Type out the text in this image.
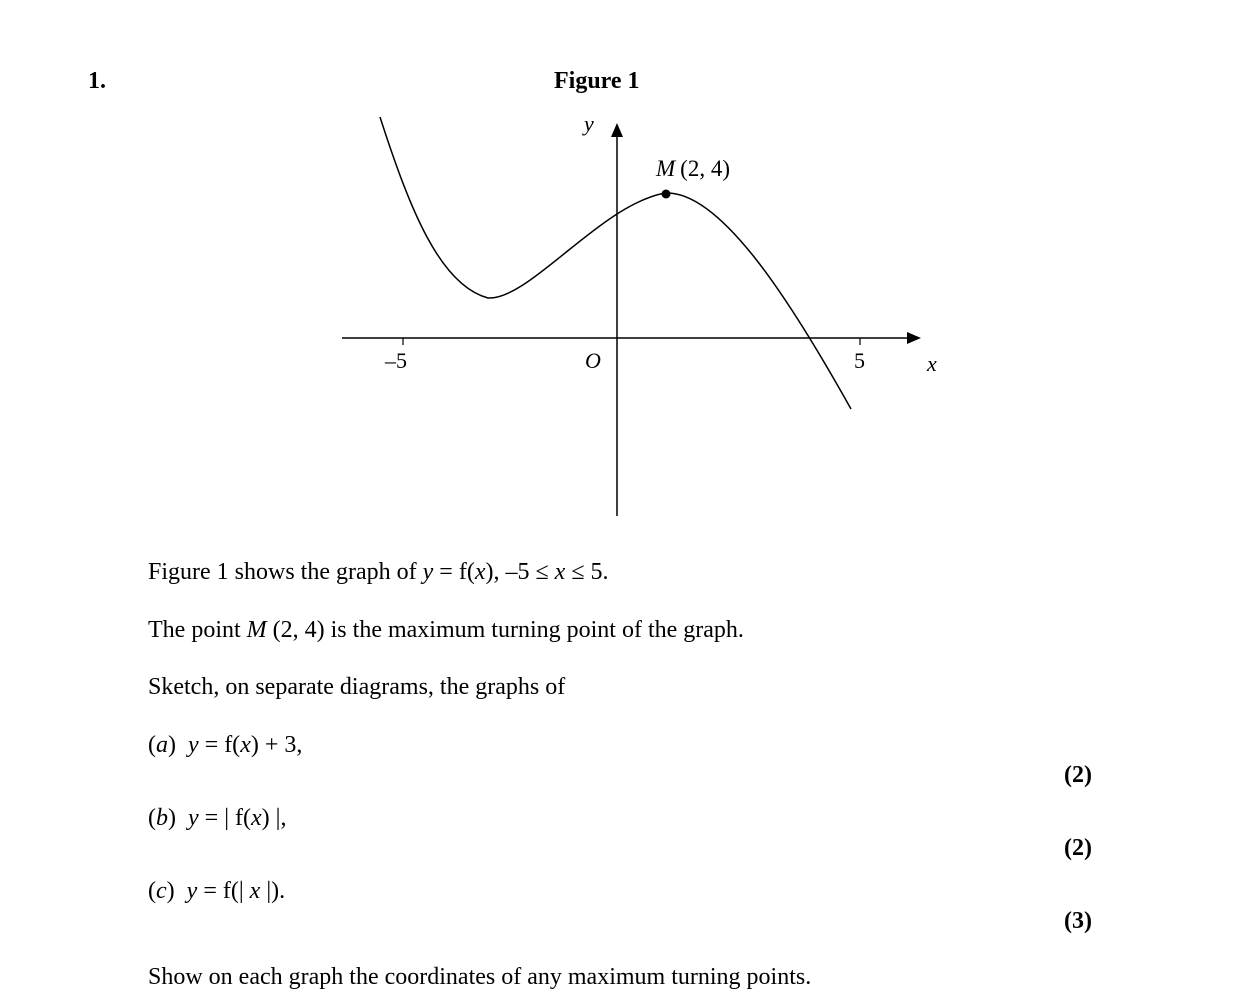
1.	Figure 1
y
x
O
–5	5
M (2, 4)
Figure 1 shows the graph of y = f(x), –5 ≤ x ≤ 5.
The point M (2, 4) is the maximum turning point of the graph.
Sketch, on separate diagrams, the graphs of
(a)  y = f(x) + 3,
(2)
(b)  y = | f(x) |,
(2)
(c)  y = f(| x |).
(3)
Show on each graph the coordinates of any maximum turning points.
